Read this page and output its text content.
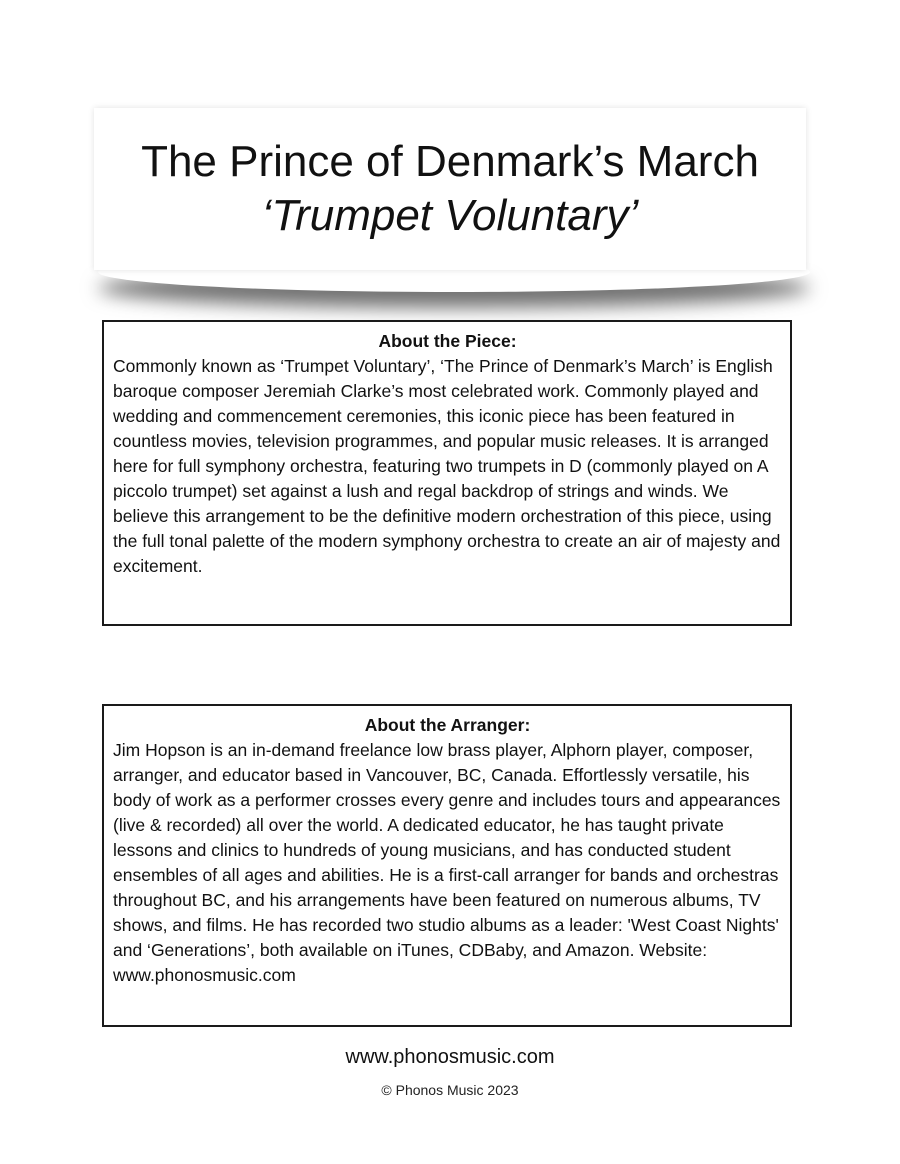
The Prince of Denmark’s March
‘Trumpet Voluntary’

About the Piece:

Commonly known as ‘Trumpet Voluntary’, ‘The Prince of Denmark’s March’ is English baroque composer Jeremiah Clarke’s most celebrated work. Commonly played and wedding and commencement ceremonies, this iconic piece has been featured in countless movies, television programmes, and popular music releases. It is arranged here for full symphony orchestra, featuring two trumpets in D (commonly played on A piccolo trumpet) set against a lush and regal backdrop of strings and winds. We believe this arrangement to be the definitive modern orchestration of this piece, using the full tonal palette of the modern symphony orchestra to create an air of majesty and excitement.

About the Arranger:

Jim Hopson is an in-demand freelance low brass player, Alphorn player, composer, arranger, and educator based in Vancouver, BC, Canada. Effortlessly versatile, his body of work as a performer crosses every genre and includes tours and appearances (live & recorded) all over the world. A dedicated educator, he has taught private lessons and clinics to hundreds of young musicians, and has conducted student ensembles of all ages and abilities. He is a first-call arranger for bands and orchestras throughout BC, and his arrangements have been featured on numerous albums, TV shows, and films. He has recorded two studio albums as a leader: 'West Coast Nights' and ‘Generations’, both available on iTunes, CDBaby, and Amazon. Website: www.phonosmusic.com

www.phonosmusic.com
© Phonos Music 2023
